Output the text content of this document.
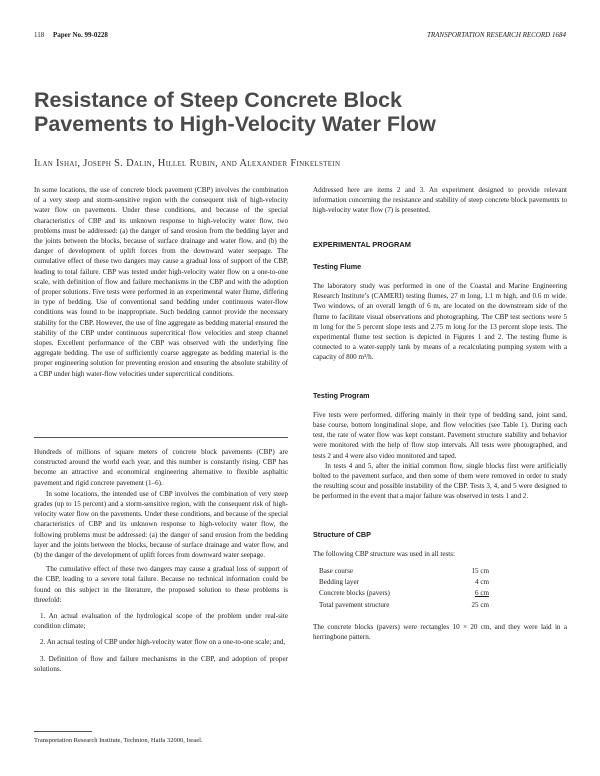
118 Paper No. 99-0228	TRANSPORTATION RESEARCH RECORD 1684
Resistance of Steep Concrete Block Pavements to High-Velocity Water Flow

Ilan Ishai, Joseph S. Dalin, Hillel Rubin, and Alexander Finkelstein

In some locations, the use of concrete block pavement (CBP) involves the combination of a very steep and storm-sensitive region with the consequent risk of high-velocity water flow on pavements. Under these conditions, and because of the special characteristics of CBP and its unknown response to high-velocity water flow, two problems must be addressed: (a) the danger of sand erosion from the bedding layer and the joints between the blocks, because of surface drainage and water flow, and (b) the danger of development of uplift forces from the downward water seepage. The cumulative effect of these two dangers may cause a gradual loss of support of the CBP, leading to total failure. CBP was tested under high-velocity water flow on a one-to-one scale, with definition of flow and failure mechanisms in the CBP and with the adoption of proper solutions. Five tests were performed in an experimental water flume, differing in type of bedding. Use of conventional sand bedding under continuous water-flow conditions was found to be inappropriate. Such bedding cannot provide the necessary stability for the CBP. However, the use of fine aggregate as bedding material ensured the stability of the CBP under continuous supercritical flow velocities and steep channel slopes. Excellent performance of the CBP was observed with the underlying fine aggregate bedding. The use of sufficiently coarse aggregate as bedding material is the proper engineering solution for preventing erosion and ensuring the absolute stability of a CBP under high water-flow velocities under supercritical conditions.

Hundreds of millions of square meters of concrete block pavements (CBP) are constructed around the world each year, and this number is constantly rising. CBP has become an attractive and economical engineering alternative to flexible asphaltic pavement and rigid concrete pavement (1–6).

In some locations, the intended use of CBP involves the combination of very steep grades (up to 15 percent) and a storm-sensitive region, with the consequent risk of high-velocity water flow on the pavements. Under these conditions, and because of the special characteristics of CBP and its unknown response to high-velocity water flow, the following problems must be addressed: (a) the danger of sand erosion from the bedding layer and the joints between the blocks, because of surface drainage and water flow, and (b) the danger of the development of uplift forces from downward water seepage.

The cumulative effect of these two dangers may cause a gradual loss of support of the CBP, leading to a severe total failure. Because no technical information could be found on this subject in the literature, the proposed solution to these problems is threefold:

1. An actual evaluation of the hydrological scope of the problem under real-site condition climate;

2. An actual testing of CBP under high-velocity water flow on a one-to-one scale; and,

3. Definition of flow and failure mechanisms in the CBP, and adoption of proper solutions.

Transportation Research Institute, Technion, Haifa 32000, Israel.

Addressed here are items 2 and 3. An experiment designed to provide relevant information concerning the resistance and stability of steep concrete block pavements to high-velocity water flow (7) is presented.

EXPERIMENTAL PROGRAM
Testing Flume

The laboratory study was performed in one of the Coastal and Marine Engineering Research Institute’s (CAMERI) testing flumes, 27 m long, 1.1 m high, and 0.6 m wide. Two windows, of an overall length of 6 m, are located on the downstream side of the flume to facilitate visual observations and photographing. The CBP test sections were 5 m long for the 5 percent slope tests and 2.75 m long for the 13 percent slope tests. The experimental flume test section is depicted in Figures 1 and 2. The testing flume is connected to a water-supply tank by means of a recalculating pumping system with a capacity of 800 m³/h.

Testing Program

Five tests were performed, differing mainly in their type of bedding sand, joint sand, base course, bottom longitudinal slope, and flow velocities (see Table 1). During each test, the rate of water flow was kept constant. Pavement structure stability and behavior were monitored with the help of flow stop intervals. All tests were photographed, and tests 2 and 4 were also video monitored and taped.

In tests 4 and 5, after the initial common flow, single blocks first were artificially bolted to the pavement surface, and then some of them were removed in order to study the resulting scour and possible instability of the CBP. Tests 3, 4, and 5 were designed to be performed in the event that a major failure was observed in tests 1 and 2.

Structure of CBP

The following CBP structure was used in all tests:

Base course	15 cm
Bedding layer	4 cm
Concrete blocks (pavers)	6 cm
Total pavement structure	25 cm

The concrete blocks (pavers) were rectangles 10 × 20 cm, and they were laid in a herringbone pattern.
